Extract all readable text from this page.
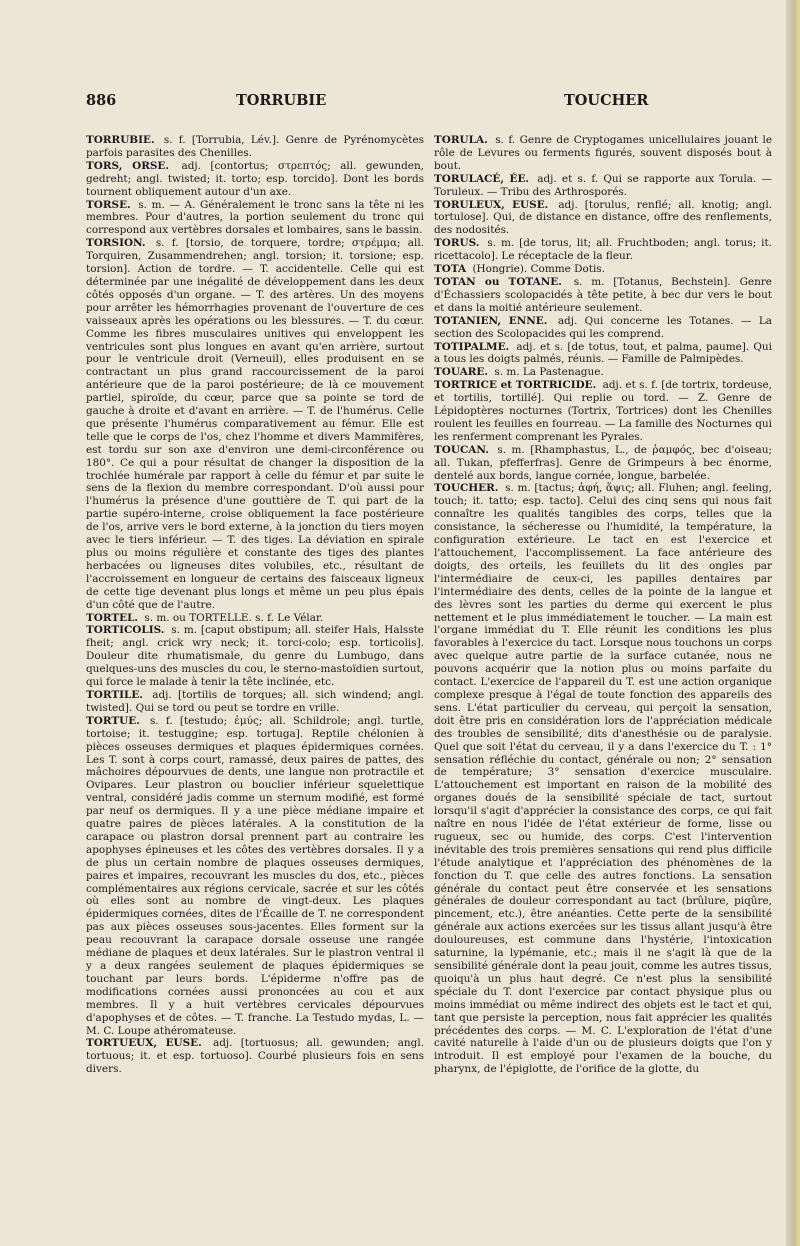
886	TORRUBIE	TOUCHER
TORRUBIE. s. f. [Torrubia, Lév.]. Genre de Pyrénomycètes parfois parasites des Chenilles.
TORS, ORSE. adj. [contortus; στρεπτός; all. gewunden, gedreht; angl. twisted; it. torto; esp. torcido]. Dont les bords tournent obliquement autour d'un axe.
TORSE. s. m. — A. Généralement le tronc sans la tête ni les membres. Pour d'autres, la portion seulement du tronc qui correspond aux vertèbres dorsales et lombaires, sans le bassin.
TORSION. s. f. [torsio, de torquere, tordre; στρέμμα; all. Torquiren, Zusammendrehen; angl. torsion; it. torsione; esp. torsion]. Action de tordre. — T. accidentelle. Celle qui est déterminée par une inégalité de développement dans les deux côtés opposés d'un organe. — T. des artères. Un des moyens pour arrêter les hémorrhagies provenant de l'ouverture de ces vaisseaux après les opérations ou les blessures. — T. du cœur. Comme les fibres musculaires unitives qui enveloppent les ventricules sont plus longues en avant qu'en arrière, surtout pour le ventricule droit (Verneuil), elles produisent en se contractant un plus grand raccourcissement de la paroi antérieure que de la paroi postérieure; de là ce mouvement partiel, spiroïde, du cœur, parce que sa pointe se tord de gauche à droite et d'avant en arrière. — T. de l'humérus. Celle que présente l'humérus comparativement au fémur. Elle est telle que le corps de l'os, chez l'homme et divers Mammifères, est tordu sur son axe d'environ une demi-circonférence ou 180°. Ce qui a pour résultat de changer la disposition de la trochlée humérale par rapport à celle du fémur et par suite le sens de la flexion du membre correspondant. D'où aussi pour l'humérus la présence d'une gouttière de T. qui part de la partie supéro-interne, croise obliquement la face postérieure de l'os, arrive vers le bord externe, à la jonction du tiers moyen avec le tiers inférieur. — T. des tiges. La déviation en spirale plus ou moins régulière et constante des tiges des plantes herbacées ou ligneuses dites volubiles, etc., résultant de l'accroissement en longueur de certains des faisceaux ligneux de cette tige devenant plus longs et même un peu plus épais d'un côté que de l'autre.
TORTEL. s. m. ou TORTELLE. s. f. Le Vélar.
TORTICOLIS. s. m. [caput obstipum; all. steifer Hals, Halsste fheit; angl. crick wry neck; it. torci-colo; esp. torticolis]. Douleur dite rhumatismale, du genre du Lumbugo, dans quelques-uns des muscles du cou, le sterno-mastoïdien surtout, qui force le malade à tenir la tête inclinée, etc.
TORTILE. adj. [tortilis de torques; all. sich windend; angl. twisted]. Qui se tord ou peut se tordre en vrille.
TORTUE. s. f. [testudo; ἐμύς; all. Schildrole; angl. turtle, tortoise; it. testuggine; esp. tortuga]. Reptile chélonien à pièces osseuses dermiques et plaques épidermiques cornées. Les T. sont à corps court, ramassé, deux paires de pattes, des mâchoires dépourvues de dents, une langue non protractile et Ovipares. Leur plastron ou bouclier inférieur squelettique ventral, considéré jadis comme un sternum modifié, est formé par neuf os dermiques. Il y a une pièce médiane impaire et quatre paires de pièces latérales. A la constitution de la carapace ou plastron dorsal prennent part au contraire les apophyses épineuses et les côtes des vertèbres dorsales. Il y a de plus un certain nombre de plaques osseuses dermiques, paires et impaires, recouvrant les muscles du dos, etc., pièces complémentaires aux régions cervicale, sacrée et sur les côtés où elles sont au nombre de vingt-deux. Les plaques épidermiques cornées, dites de l'Écaille de T. ne correspondent pas aux pièces osseuses sous-jacentes. Elles forment sur la peau recouvrant la carapace dorsale osseuse une rangée médiane de plaques et deux latérales. Sur le plastron ventral il y a deux rangées seulement de plaques épidermiques se touchant par leurs bords. L'épiderme n'offre pas de modifications cornées aussi prononcées au cou et aux membres. Il y a huit vertèbres cervicales dépourvues d'apophyses et de côtes. — T. franche. La Testudo mydas, L. — M. C. Loupe athéromateuse.
TORTUEUX, EUSE. adj. [tortuosus; all. gewunden; angl. tortuous; it. et esp. tortuoso]. Courbé plusieurs fois en sens divers.
TORULA. s. f. Genre de Cryptogames unicellulaires jouant le rôle de Levures ou ferments figurés, souvent disposés bout à bout.
TORULACÉ, ÉE. adj. et s. f. Qui se rapporte aux Torula. — Toruleux. — Tribu des Arthrosporés.
TORULEUX, EUSE. adj. [torulus, renflé; all. knotig; angl. tortulose]. Qui, de distance en distance, offre des renflements, des nodosités.
TORUS. s. m. [de torus, lit; all. Fruchtboden; angl. torus; it. ricettacolo]. Le réceptacle de la fleur.
TOTA (Hongrie). Comme Dotis.
TOTAN ou TOTANE. s. m. [Totanus, Bechstein]. Genre d'Échassiers scolopacidés à tête petite, à bec dur vers le bout et dans la moitié antérieure seulement.
TOTANIEN, ENNE. adj. Qui concerne les Totanes. — La section des Scolopacides qui les comprend.
TOTIPALME. adj. et s. [de totus, tout, et palma, paume]. Qui a tous les doigts palmés, réunis. — Famille de Palmipèdes.
TOUARE. s. m. La Pastenague.
TORTRICE et TORTRICIDE. adj. et s. f. [de tortrix, tordeuse, et tortilis, tortillé]. Qui replie ou tord. — Z. Genre de Lépidoptères nocturnes (Tortrix, Tortrices) dont les Chenilles roulent les feuilles en fourreau. — La famille des Nocturnes qui les renferment comprenant les Pyrales.
TOUCAN. s. m. [Rhamphastus, L., de ῥαμφός, bec d'oiseau; all. Tukan, pfefferfras]. Genre de Grimpeurs à bec énorme, dentelé aux bords, langue cornée, longue, barbelée.
TOUCHER. s. m. [tactus; ἁφή, ἅψις; all. Fluhen; angl. feeling, touch; it. tatto; esp. tacto]. Celui des cinq sens qui nous fait connaître les qualités tangibles des corps, telles que la consistance, la sécheresse ou l'humidité, la température, la configuration extérieure. Le tact en est l'exercice et l'attouchement, l'accomplissement. La face antérieure des doigts, des orteils, les feuillets du lit des ongles par l'intermédiaire de ceux-ci, les papilles dentaires par l'intermédiaire des dents, celles de la pointe de la langue et des lèvres sont les parties du derme qui exercent le plus nettement et le plus immédiatement le toucher. — La main est l'organe immédiat du T. Elle réunit les conditions les plus favorables à l'exercice du tact. Lorsque nous touchons un corps avec quelque autre partie de la surface cutanée, nous ne pouvons acquérir que la notion plus ou moins parfaite du contact. L'exercice de l'appareil du T. est une action organique complexe presque à l'égal de toute fonction des appareils des sens. L'état particulier du cerveau, qui perçoit la sensation, doit être pris en considération lors de l'appréciation médicale des troubles de sensibilité, dits d'anesthésie ou de paralysie. Quel que soit l'état du cerveau, il y a dans l'exercice du T. : 1° sensation réfléchie du contact, générale ou non; 2° sensation de température; 3° sensation d'exercice musculaire. L'attouchement est important en raison de la mobilité des organes doués de la sensibilité spéciale de tact, surtout lorsqu'il s'agit d'apprécier la consistance des corps, ce qui fait naître en nous l'idée de l'état extérieur de forme, lisse ou rugueux, sec ou humide, des corps. C'est l'intervention inévitable des trois premières sensations qui rend plus difficile l'étude analytique et l'appréciation des phénomènes de la fonction du T. que celle des autres fonctions. La sensation générale du contact peut être conservée et les sensations générales de douleur correspondant au tact (brûlure, piqûre, pincement, etc.), être anéanties. Cette perte de la sensibilité générale aux actions exercées sur les tissus allant jusqu'à être douloureuses, est commune dans l'hystérie, l'intoxication saturnine, la lypémanie, etc.; mais il ne s'agit là que de la sensibilité générale dont la peau jouit, comme les autres tissus, quoiqu'à un plus haut degré. Ce n'est plus la sensibilité spéciale du T. dont l'exercice par contact physique plus ou moins immédiat ou même indirect des objets est le tact et qui, tant que persiste la perception, nous fait apprécier les qualités précédentes des corps. — M. C. L'exploration de l'état d'une cavité naturelle à l'aide d'un ou de plusieurs doigts que l'on y introduit. Il est employé pour l'examen de la bouche, du pharynx, de l'épiglotte, de l'orifice de la glotte, du
